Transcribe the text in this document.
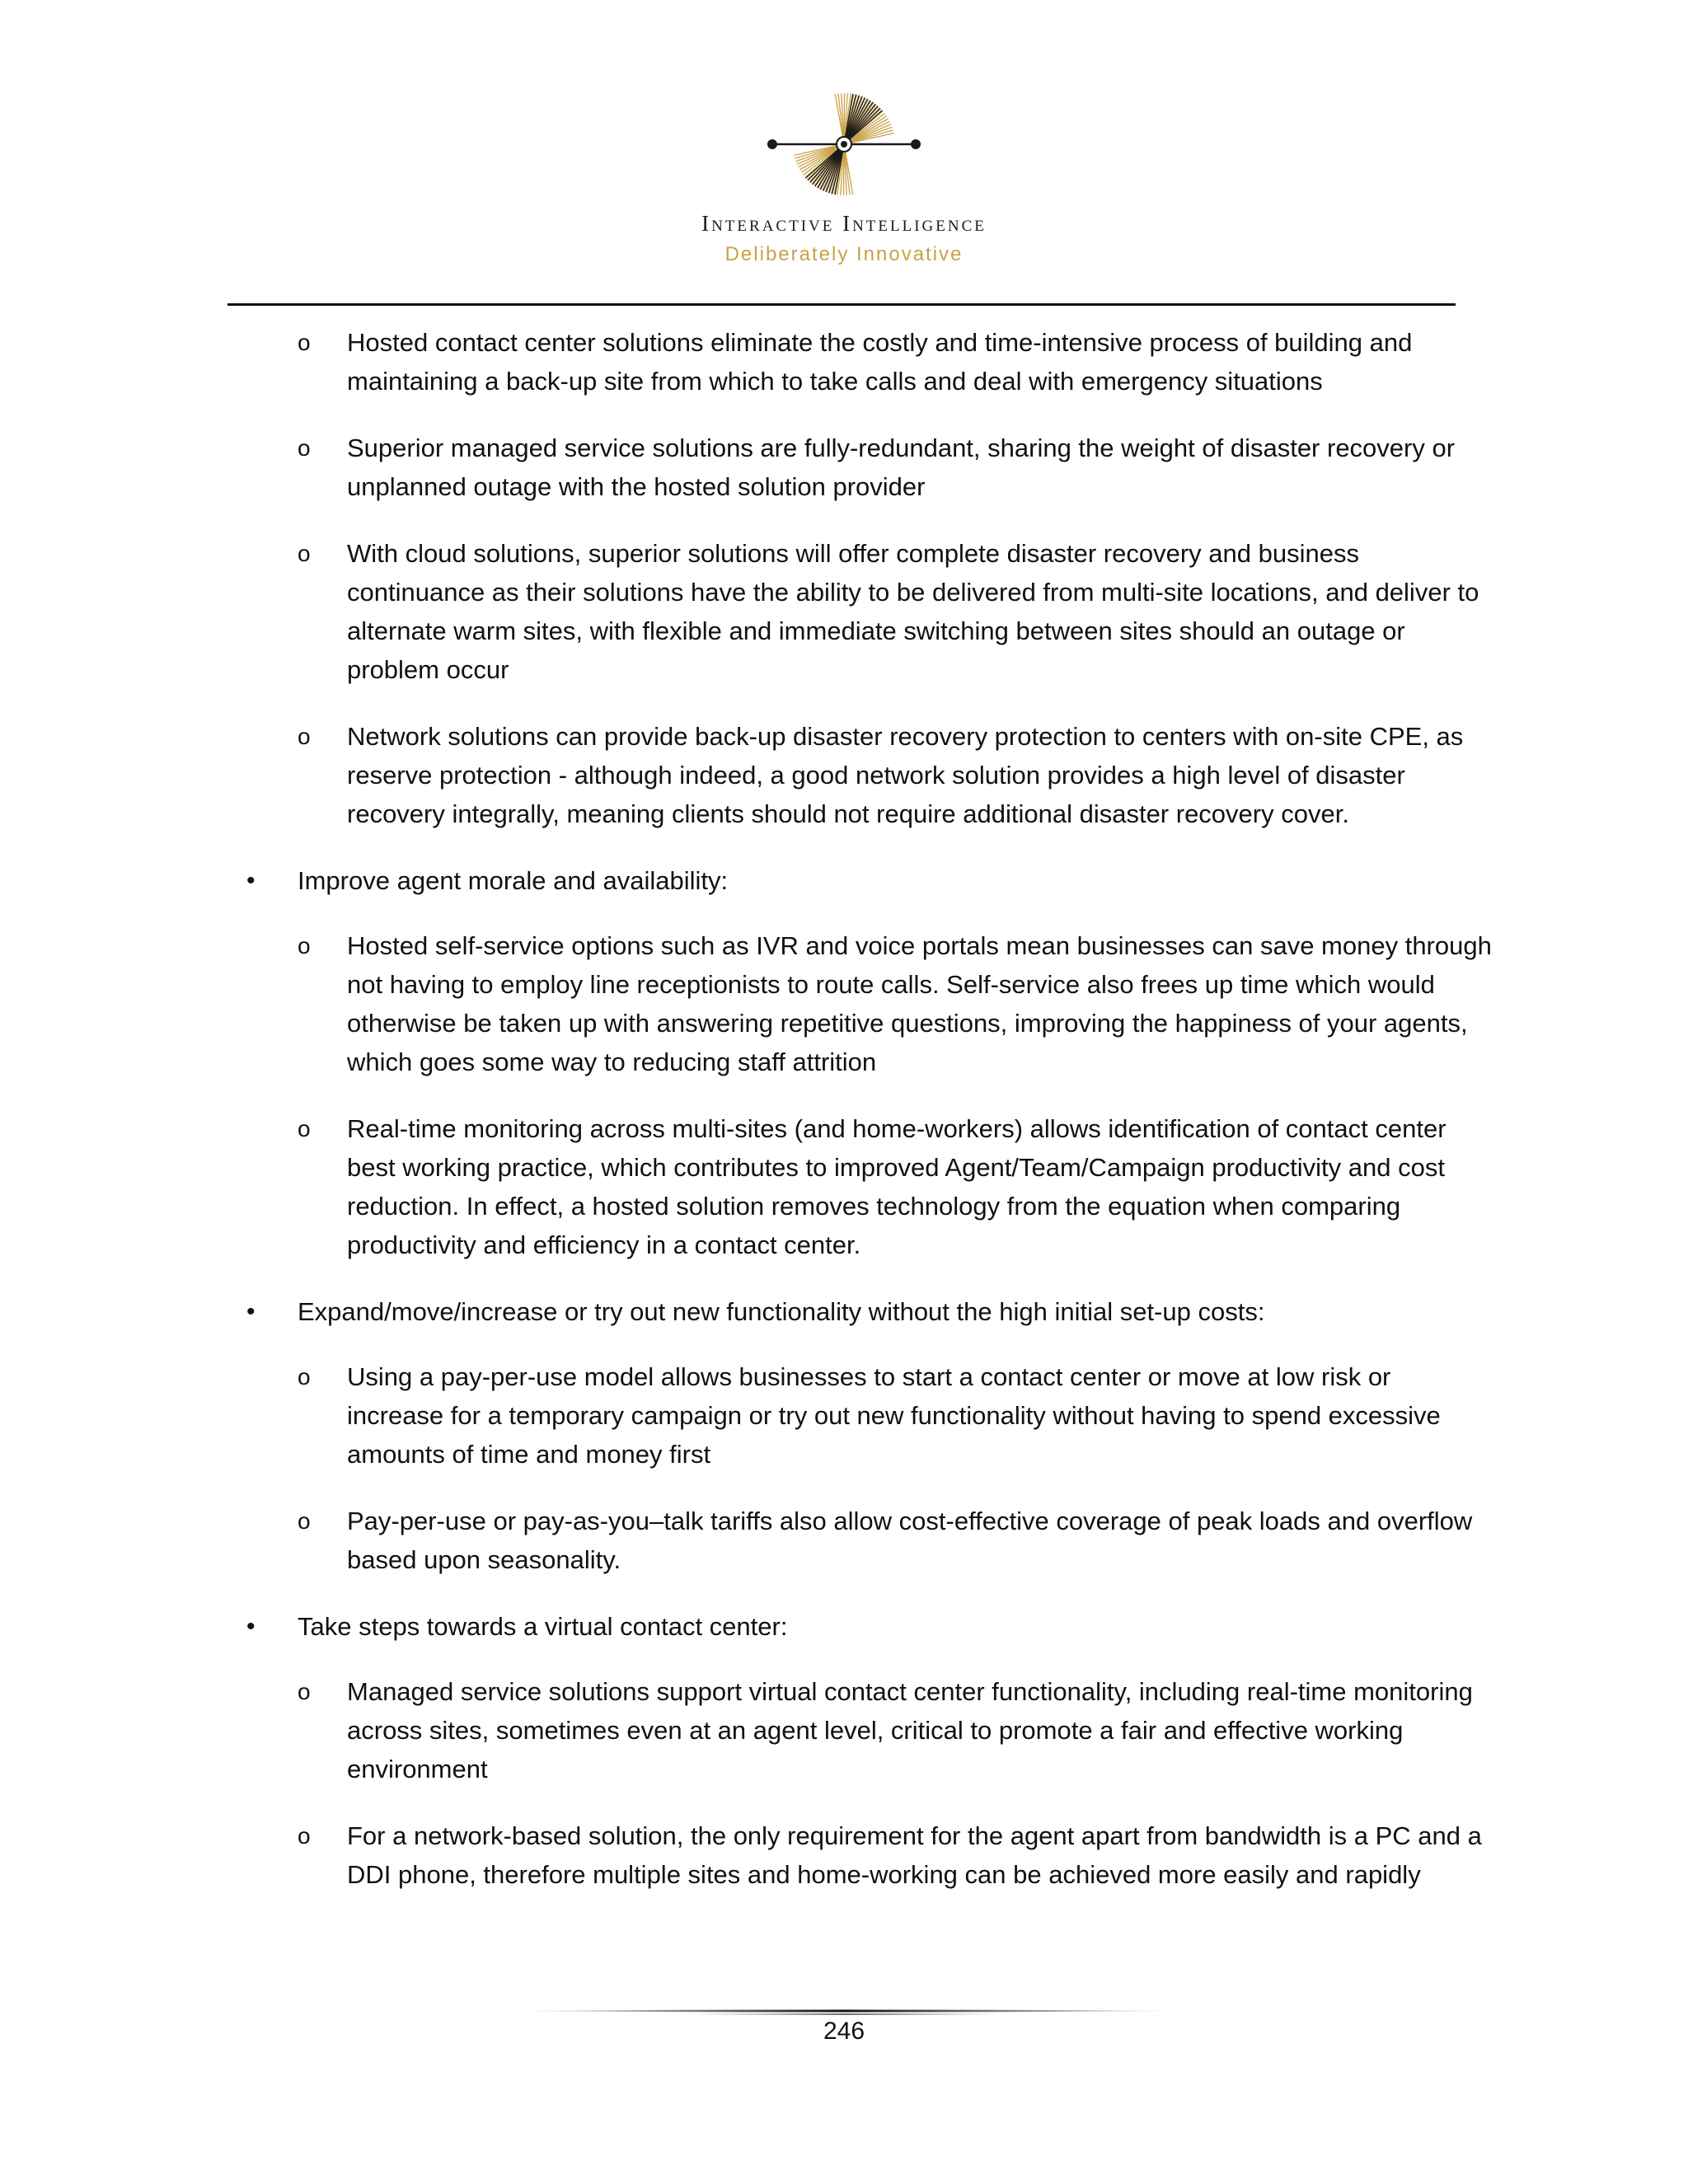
Interactive Intelligence
Deliberately Innovative
o Hosted contact center solutions eliminate the costly and time-intensive process of building and maintaining a back-up site from which to take calls and deal with emergency situations
o Superior managed service solutions are fully-redundant, sharing the weight of disaster recovery or unplanned outage with the hosted solution provider
o With cloud solutions, superior solutions will offer complete disaster recovery and business continuance as their solutions have the ability to be delivered from multi-site locations, and deliver to alternate warm sites, with flexible and immediate switching between sites should an outage or problem occur
o Network solutions can provide back-up disaster recovery protection to centers with on-site CPE, as reserve protection - although indeed, a good network solution provides a high level of disaster recovery integrally, meaning clients should not require additional disaster recovery cover.
• Improve agent morale and availability:
o Hosted self-service options such as IVR and voice portals mean businesses can save money through not having to employ line receptionists to route calls. Self-service also frees up time which would otherwise be taken up with answering repetitive questions, improving the happiness of your agents, which goes some way to reducing staff attrition
o Real-time monitoring across multi-sites (and home-workers) allows identification of contact center best working practice, which contributes to improved Agent/Team/Campaign productivity and cost reduction. In effect, a hosted solution removes technology from the equation when comparing productivity and efficiency in a contact center.
• Expand/move/increase or try out new functionality without the high initial set-up costs:
o Using a pay-per-use model allows businesses to start a contact center or move at low risk or increase for a temporary campaign or try out new functionality without having to spend excessive amounts of time and money first
o Pay-per-use or pay-as-you–talk tariffs also allow cost-effective coverage of peak loads and overflow based upon seasonality.
• Take steps towards a virtual contact center:
o Managed service solutions support virtual contact center functionality, including real-time monitoring across sites, sometimes even at an agent level, critical to promote a fair and effective working environment
o For a network-based solution, the only requirement for the agent apart from bandwidth is a PC and a DDI phone, therefore multiple sites and home-working can be achieved more easily and rapidly
246
